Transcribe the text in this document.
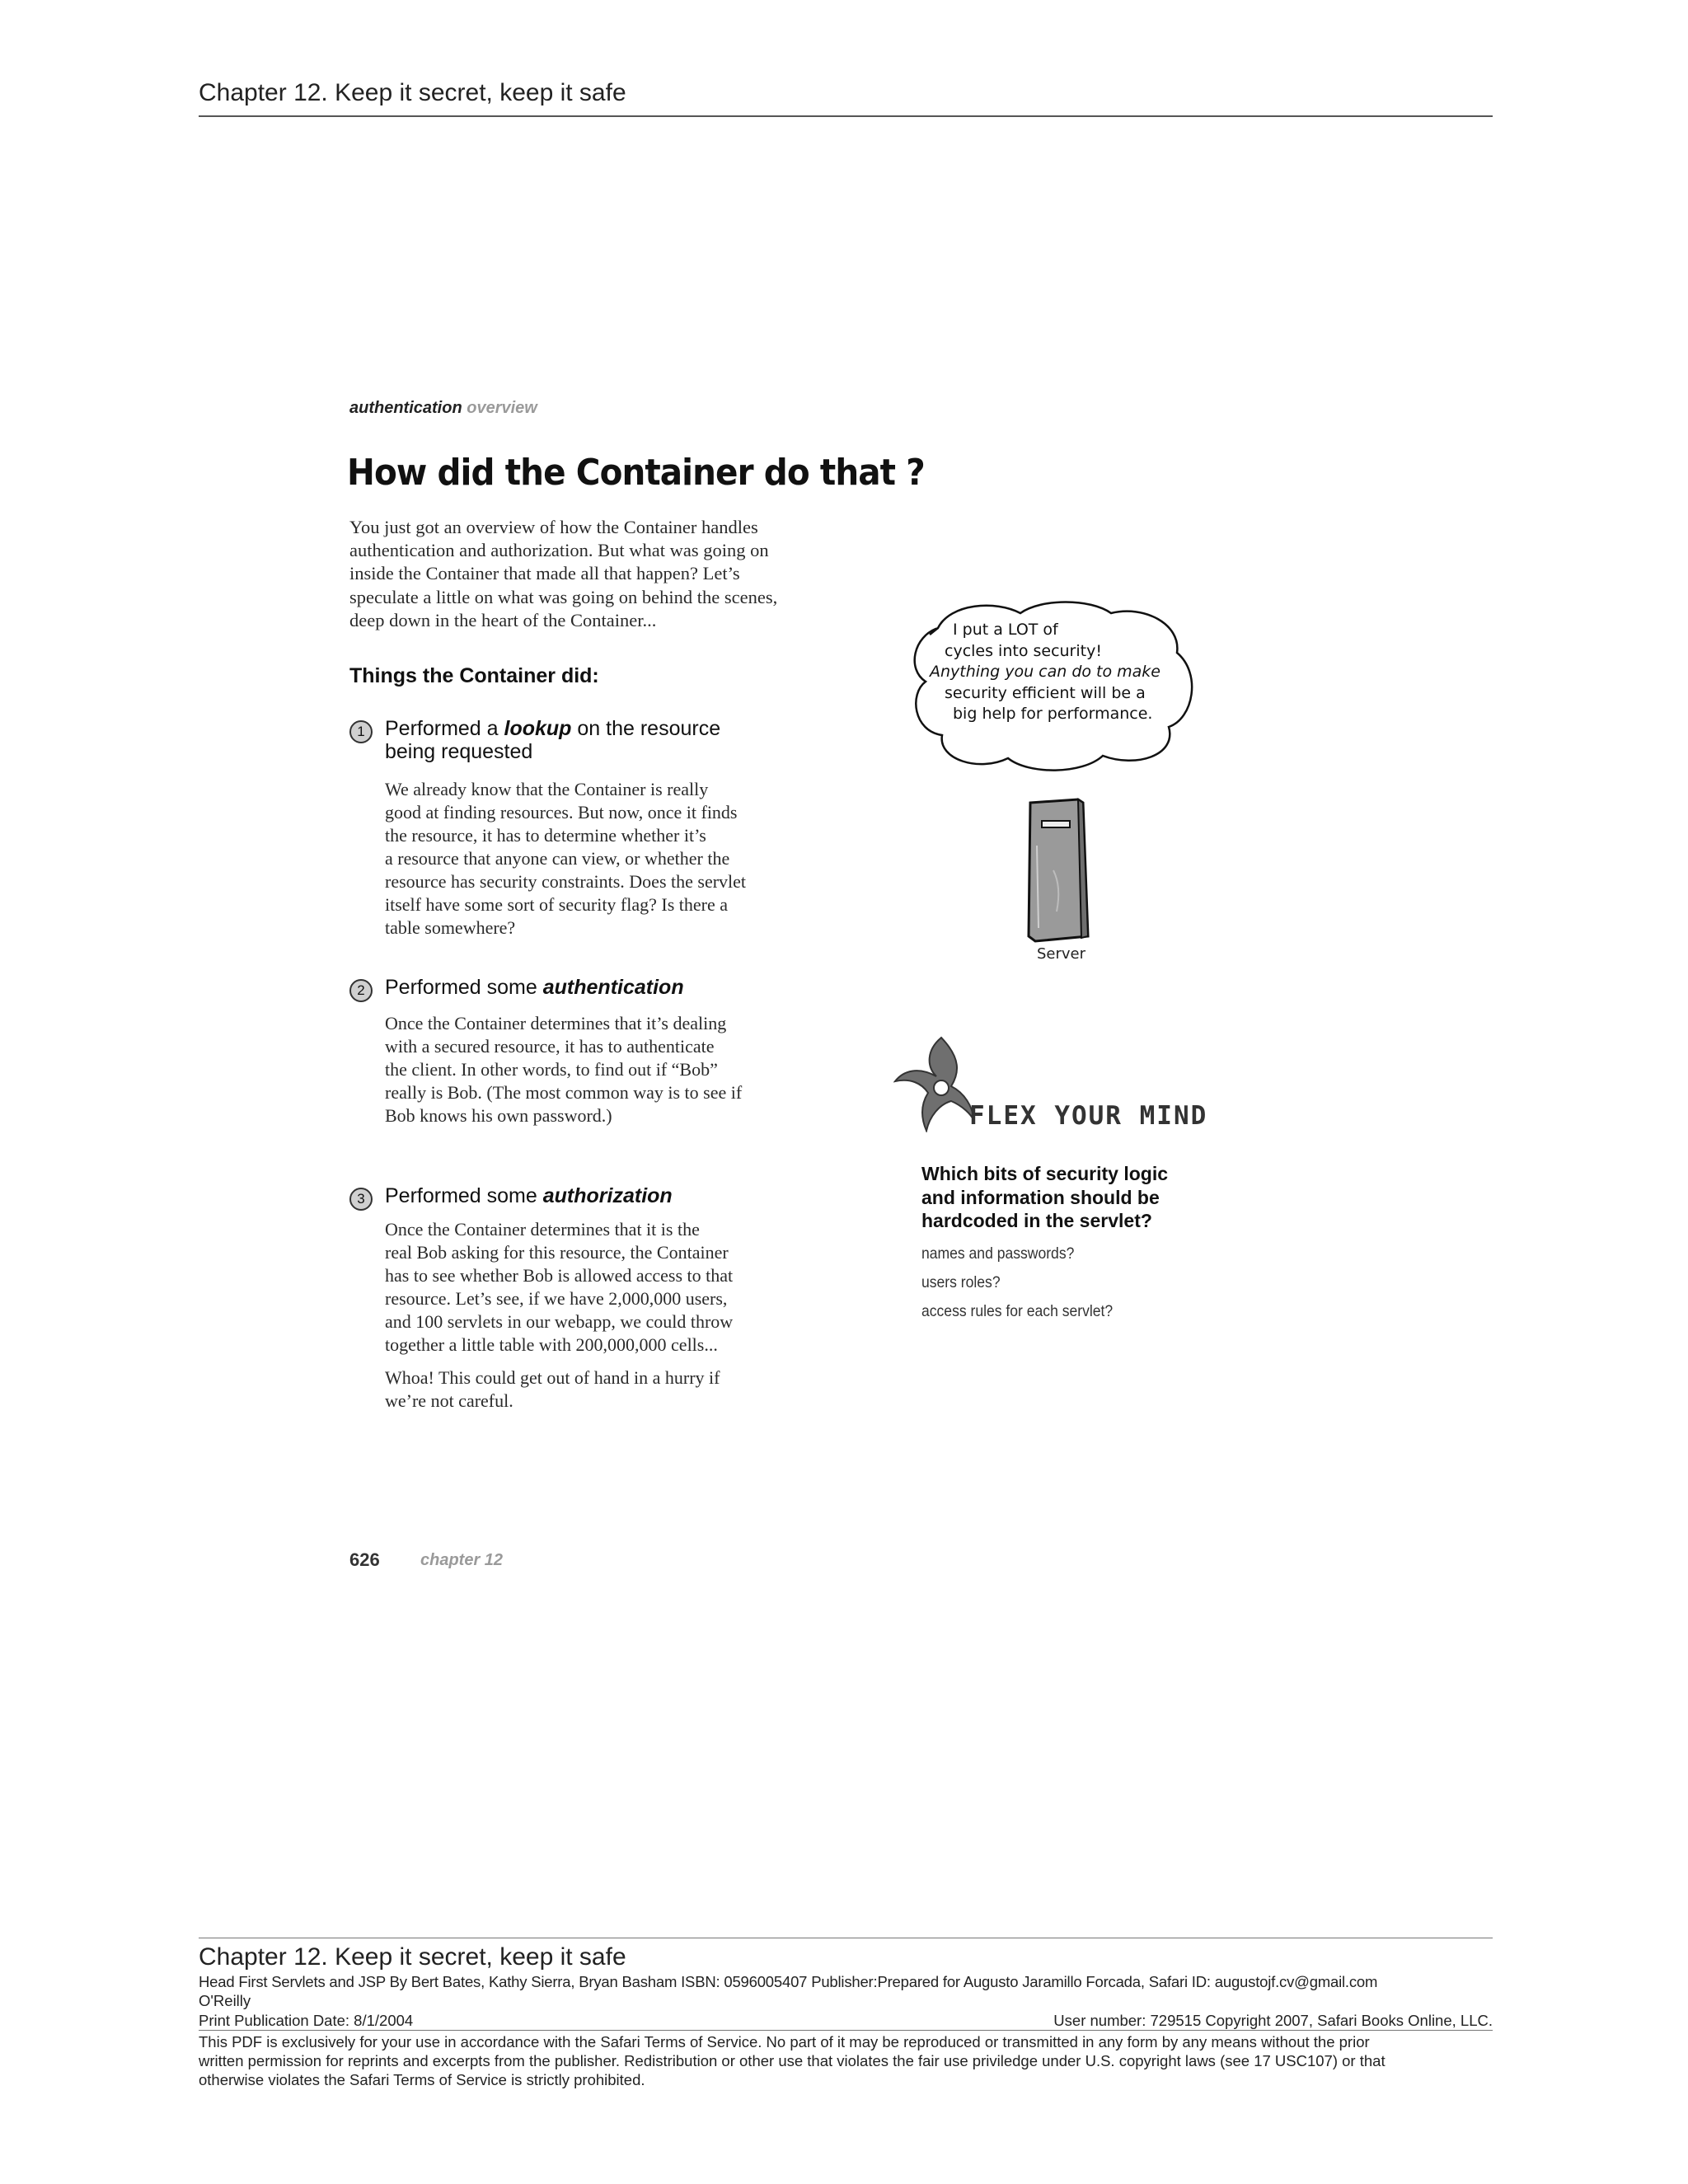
Chapter 12. Keep it secret, keep it safe
authentication overview
How did the Container do that ?
You just got an overview of how the Container handles
authentication and authorization. But what was going on
inside the Container that made all that happen? Let’s
speculate a little on what was going on behind the scenes,
deep down in the heart of the Container...
Things the Container did:
1 Performed a lookup on the resource
being requested
We already know that the Container is really
good at finding resources. But now, once it finds
the resource, it has to determine whether it’s
a resource that anyone can view, or whether the
resource has security constraints. Does the servlet
itself have some sort of security flag? Is there a
table somewhere?
2 Performed some authentication
Once the Container determines that it’s dealing
with a secured resource, it has to authenticate
the client. In other words, to find out if “Bob”
really is Bob. (The most common way is to see if
Bob knows his own password.)
3 Performed some authorization
Once the Container determines that it is the
real Bob asking for this resource, the Container
has to see whether Bob is allowed access to that
resource. Let’s see, if we have 2,000,000 users,
and 100 servlets in our webapp, we could throw
together a little table with 200,000,000 cells...
Whoa! This could get out of hand in a hurry if
we’re not careful.
I put a LOT of
cycles into security!
Anything you can do to make
security efficient will be a
big help for performance.
Server
FLEX YOUR MIND
Which bits of security logic
and information should be
hardcoded in the servlet?
names and passwords?
users roles?
access rules for each servlet?
626 chapter 12
Chapter 12. Keep it secret, keep it safe
Head First Servlets and JSP By Bert Bates, Kathy Sierra, Bryan Basham ISBN: 0596005407 Publisher:Prepared for Augusto Jaramillo Forcada, Safari ID: augustojf.cv@gmail.com
O'Reilly
Print Publication Date: 8/1/2004	User number: 729515 Copyright 2007, Safari Books Online, LLC.
This PDF is exclusively for your use in accordance with the Safari Terms of Service. No part of it may be reproduced or transmitted in any form by any means without the prior
written permission for reprints and excerpts from the publisher. Redistribution or other use that violates the fair use priviledge under U.S. copyright laws (see 17 USC107) or that
otherwise violates the Safari Terms of Service is strictly prohibited.
